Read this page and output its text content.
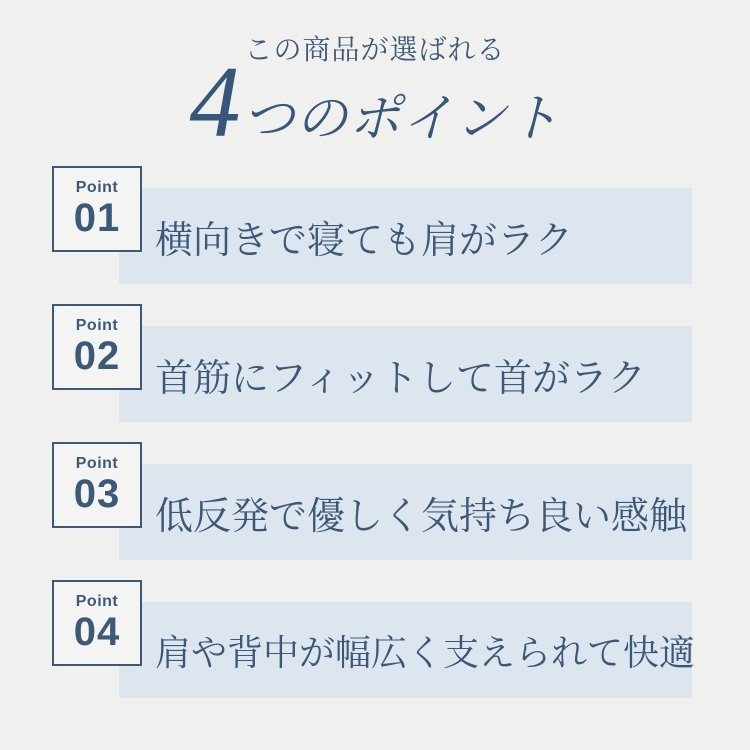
この商品が選ばれる
4 つのポイント
Point
01
横向きで寝ても肩がラク
Point
02
首筋にフィットして首がラク
Point
03
低反発で優しく気持ち良い感触
Point
04 肩や背中が幅広く支えられて快適
